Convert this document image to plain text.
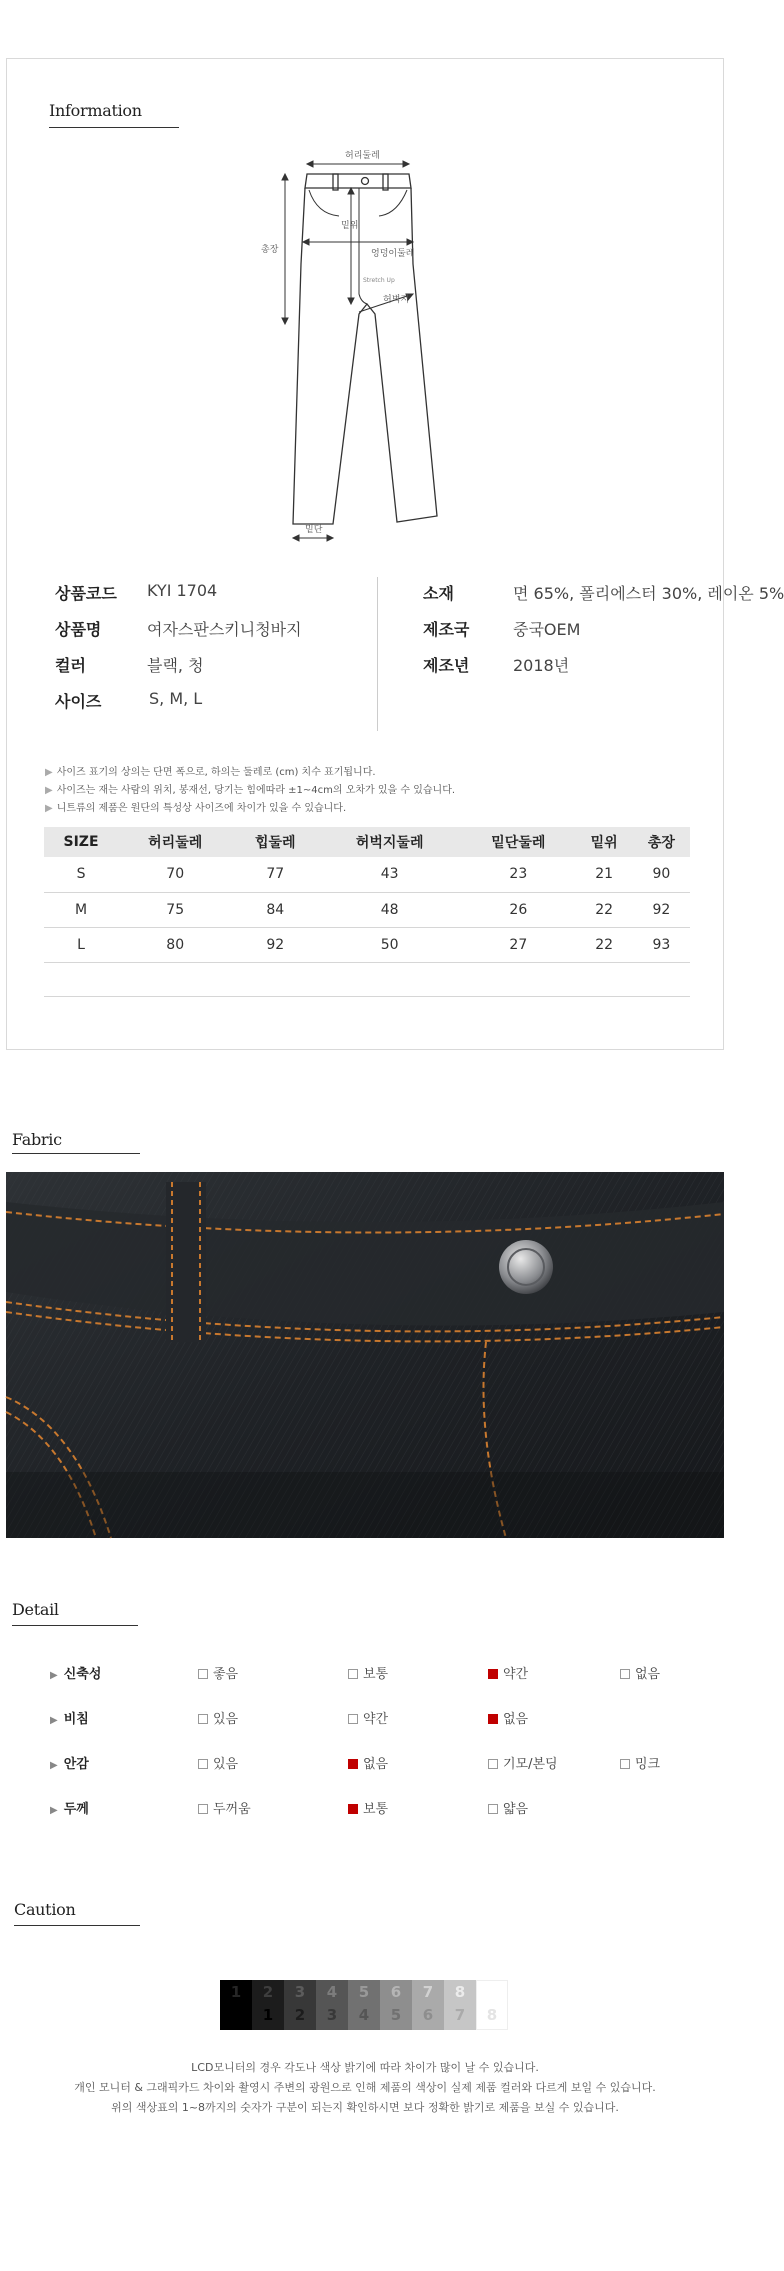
Information
허리둘레
총장
밑위
엉덩이둘레
허벅지
밑단
Stretch Up
상품코드 KYI 1704
상품명	여자스판스키니청바지
컬러	블랙, 청
사이즈	S, M, L
소재	면 65%, 폴리에스터 30%, 레이온 5%
제조국	중국OEM
제조년	2018년
▶ 사이즈 표기의 상의는 단면 폭으로, 하의는 둘레로 (cm) 치수 표기됩니다.
▶ 사이즈는 재는 사람의 위치, 봉재선, 당기는 힘에따라 ±1~4cm의 오차가 있을 수 있습니다.
▶ 니트류의 제품은 원단의 특성상 사이즈에 차이가 있을 수 있습니다.
SIZE	허리둘레	힙둘레	허벅지둘레	밑단둘레	밑위	총장
S	70	77	43	23	21	90
M	75	84	48	26	22	92
L	80	92	50	27	22	93

Fabric
Detail
▶ 신축성	좋음	보통	약간	없음
▶ 비침	있음	약간	없음
▶ 안감	있음	없음	기모/본딩	밍크
▶ 두께	두꺼움	보통	얇음
Caution
1	2	3	4	5	6	7	8
1	2	3	4	5	6	7	8
LCD모니터의 경우 각도나 색상 밝기에 따라 차이가 많이 날 수 있습니다.
개인 모니터 & 그래픽카드 차이와 촬영시 주변의 광원으로 인해 제품의 색상이 실제 제품 컬러와 다르게 보일 수 있습니다.
위의 색상표의 1~8까지의 숫자가 구분이 되는지 확인하시면 보다 정확한 밝기로 제품을 보실 수 있습니다.
